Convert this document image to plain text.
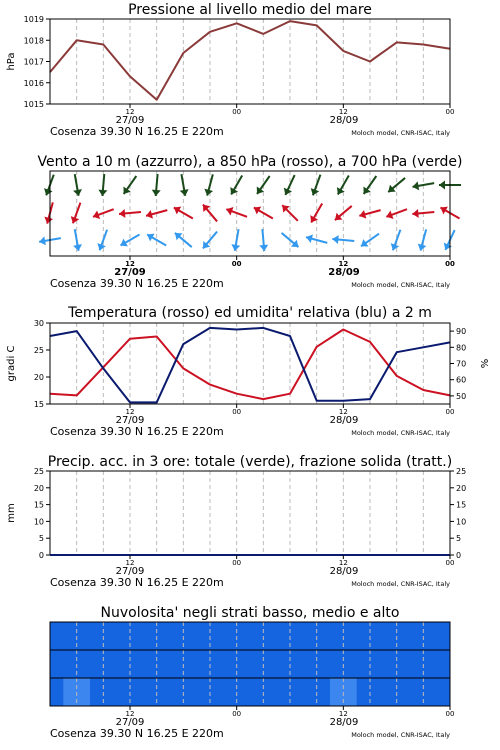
Pressione al livello medio del mare
1015
1016
1017
1018
1019
hPa
12	00	12	00
27/09	28/09
Cosenza 39.30 N 16.25 E 220m	Moloch model, CNR-ISAC, Italy
Vento a 10 m (azzurro), a 850 hPa (rosso), a 700 hPa (verde)
12	00	12	00
27/09	28/09
Cosenza 39.30 N 16.25 E 220m	Moloch model, CNR-ISAC, Italy
Temperatura (rosso) ed umidita' relativa (blu) a 2 m
15
20
25
30
gradi C
50
60
70
80
90
%
12	00	12	00
27/09	28/09
Cosenza 39.30 N 16.25 E 220m	Moloch model, CNR-ISAC, Italy
Precip. acc. in 3 ore: totale (verde), frazione solida (tratt.)
0
5
10
15
20
25
mm
0
5
10
15
20
25
12	00	12	00
27/09	28/09
Cosenza 39.30 N 16.25 E 220m	Moloch model, CNR-ISAC, Italy
Nuvolosita' negli strati basso, medio e alto
12	00	12	00
27/09	28/09
Cosenza 39.30 N 16.25 E 220m	Moloch model, CNR-ISAC, Italy
